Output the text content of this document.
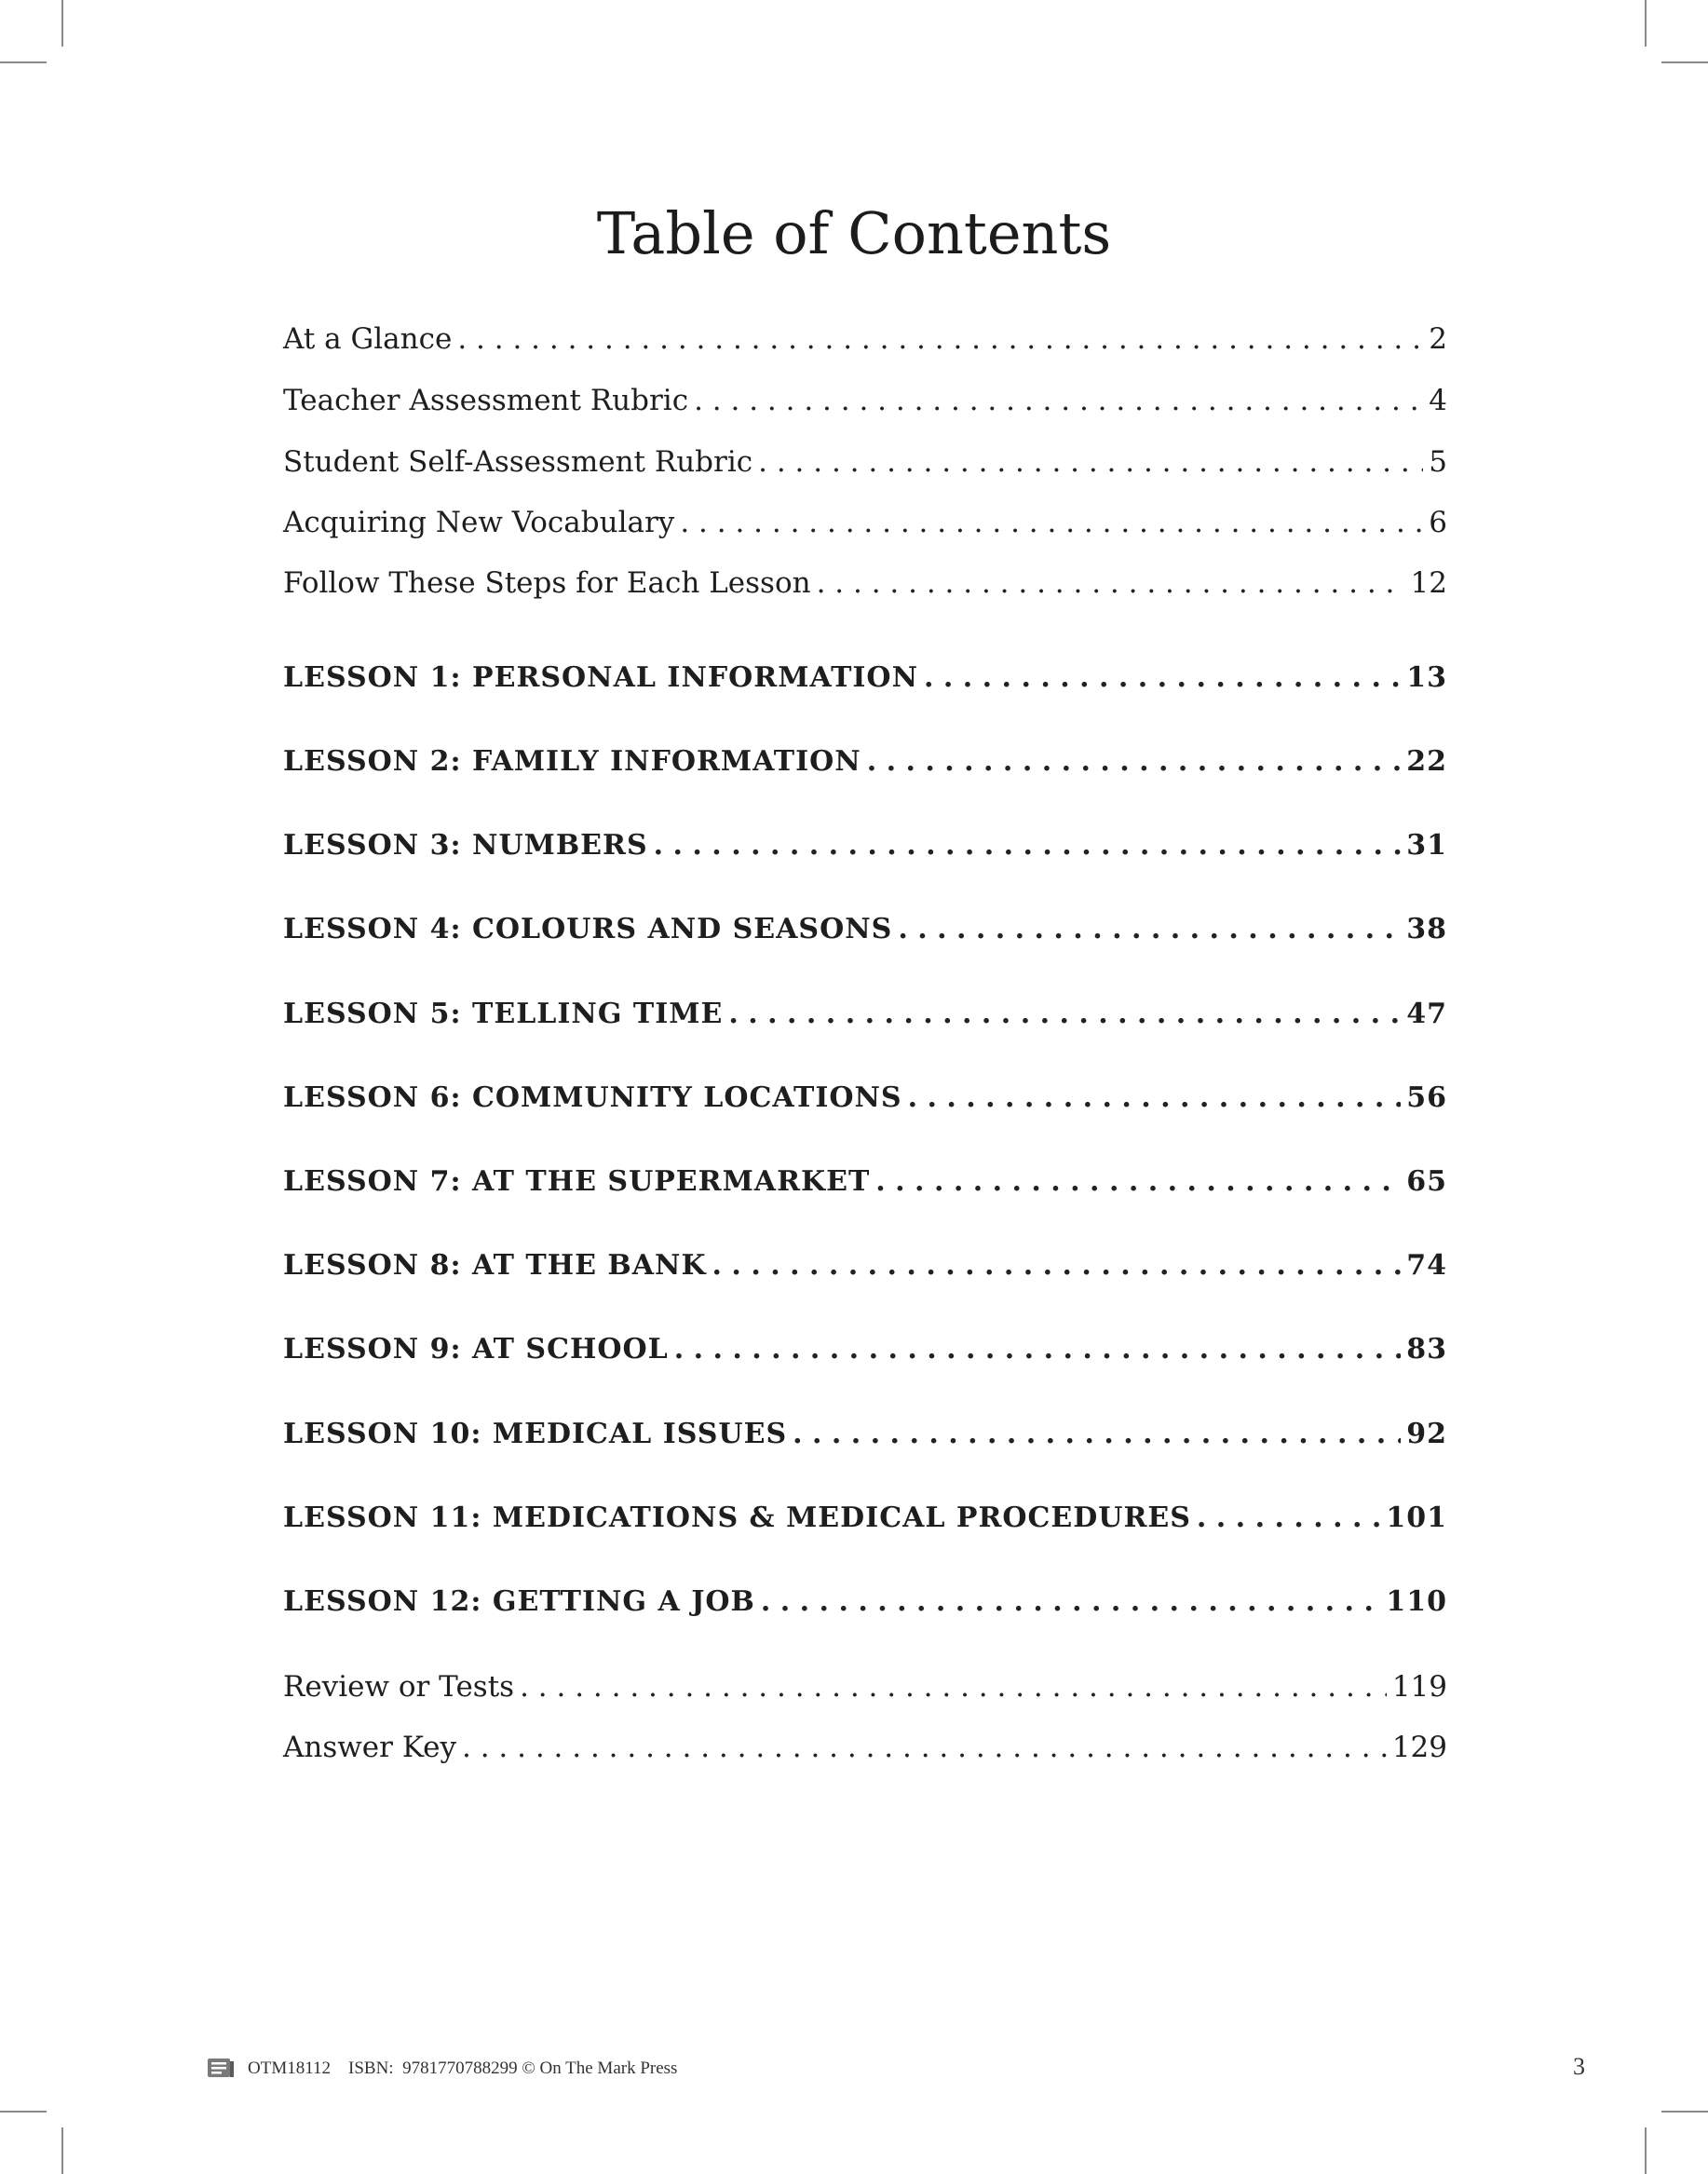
Table of Contents
At a Glance . . .	2
Teacher Assessment Rubric . . .	4
Student Self-Assessment Rubric . . .	5
Acquiring New Vocabulary . . .	6
Follow These Steps for Each Lesson . . .	12
LESSON 1: PERSONAL INFORMATION . . .	13
LESSON 2: FAMILY INFORMATION . . .	22
LESSON 3: NUMBERS . . .	31
LESSON 4: COLOURS AND SEASONS . . .	38
LESSON 5: TELLING TIME . . .	47
LESSON 6: COMMUNITY LOCATIONS . . .	56
LESSON 7: AT THE SUPERMARKET . . .	65
LESSON 8: AT THE BANK . . .	74
LESSON 9: AT SCHOOL . . .	83
LESSON 10: MEDICAL ISSUES . . .	92
LESSON 11: MEDICATIONS & MEDICAL PROCEDURES . . .	101
LESSON 12: GETTING A JOB . . .	110
Review or Tests . . .	119
Answer Key . . .	129
OTM18112    ISBN:  9781770788299 © On The Mark Press	3
